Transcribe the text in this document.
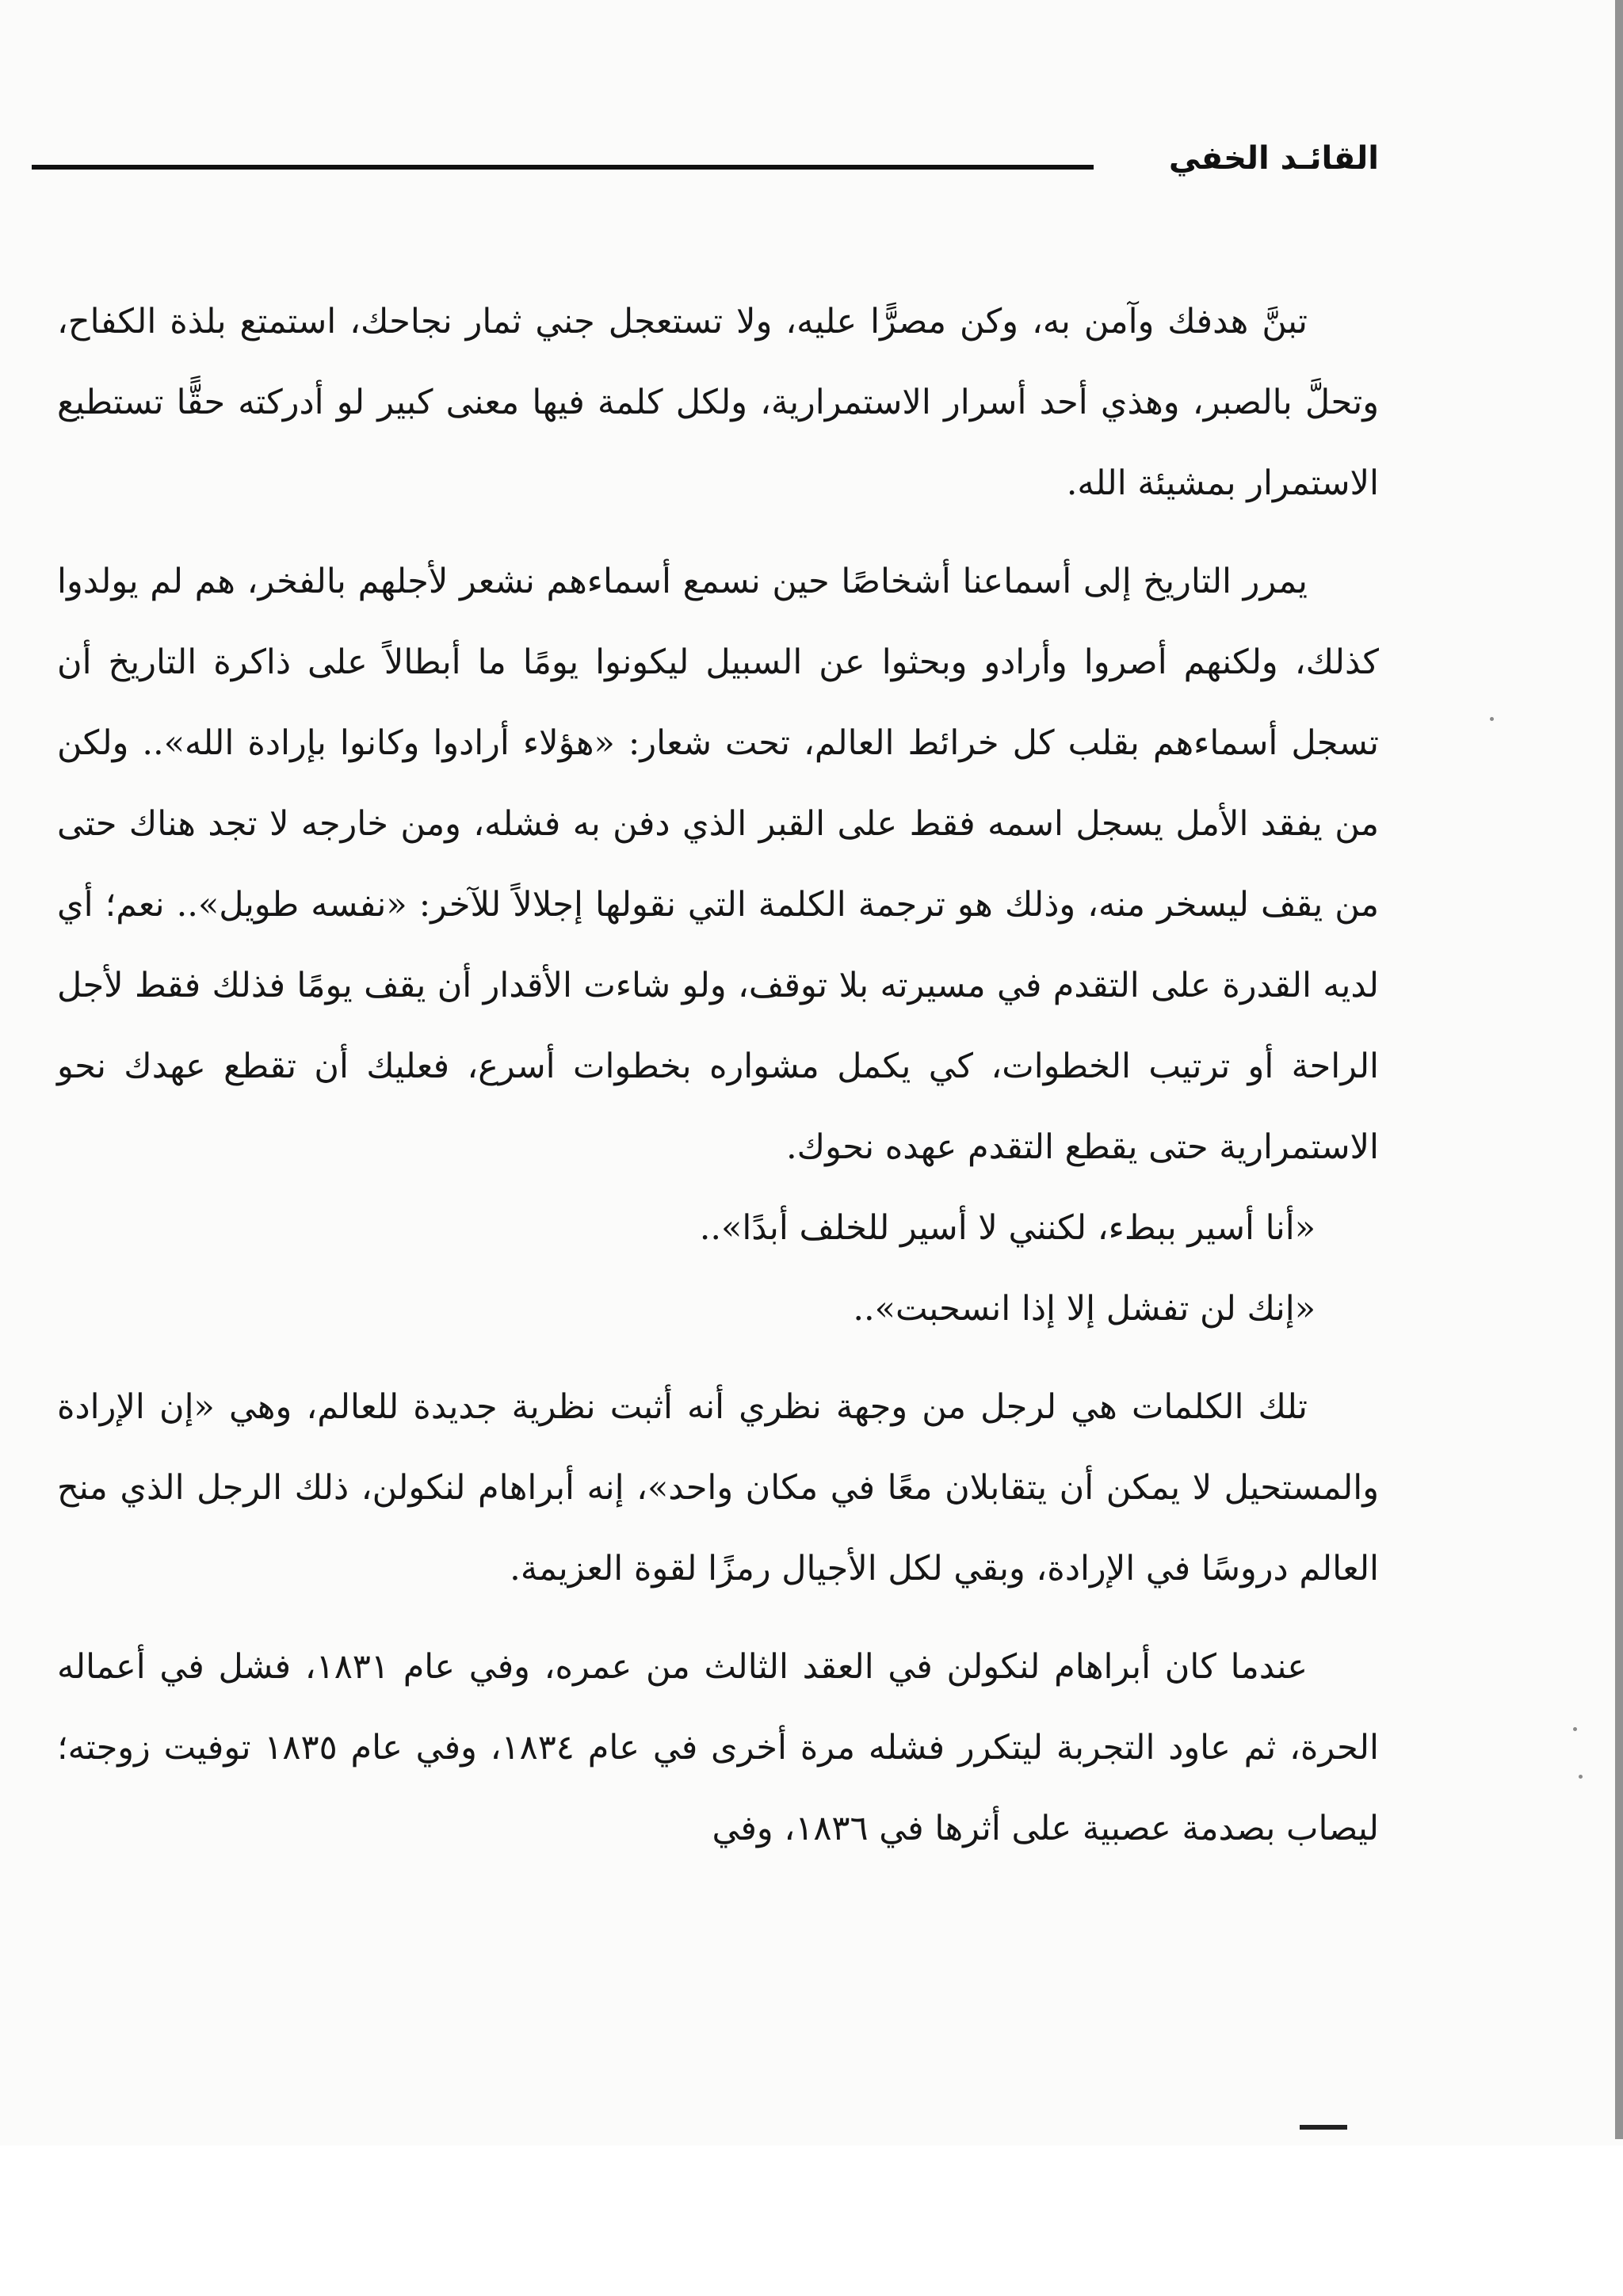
القائـد الخفي

تبنَّ هدفك وآمن به، وكن مصرًّا عليه، ولا تستعجل جني ثمار نجاحك، استمتع بلذة الكفاح، وتحلَّ بالصبر، وهذي أحد أسرار الاستمرارية، ولكل كلمة فيها معنى كبير لو أدركته حقًّا تستطيع الاستمرار بمشيئة الله.

يمرر التاريخ إلى أسماعنا أشخاصًا حين نسمع أسماءهم نشعر لأجلهم بالفخر، هم لم يولدوا كذلك، ولكنهم أصروا وأرادو وبحثوا عن السبيل ليكونوا يومًا ما أبطالاً على ذاكرة التاريخ أن تسجل أسماءهم بقلب كل خرائط العالم، تحت شعار: «هؤلاء أرادوا وكانوا بإرادة الله».. ولكن من يفقد الأمل يسجل اسمه فقط على القبر الذي دفن به فشله، ومن خارجه لا تجد هناك حتى من يقف ليسخر منه، وذلك هو ترجمة الكلمة التي نقولها إجلالاً للآخر: «نفسه طويل».. نعم؛ أي لديه القدرة على التقدم في مسيرته بلا توقف، ولو شاءت الأقدار أن يقف يومًا فذلك فقط لأجل الراحة أو ترتيب الخطوات، كي يكمل مشواره بخطوات أسرع، فعليك أن تقطع عهدك نحو الاستمرارية حتى يقطع التقدم عهده نحوك.

«أنا أسير ببطء، لكنني لا أسير للخلف أبدًا»..

«إنك لن تفشل إلا إذا انسحبت»..

تلك الكلمات هي لرجل من وجهة نظري أنه أثبت نظرية جديدة للعالم، وهي «إن الإرادة والمستحيل لا يمكن أن يتقابلان معًا في مكان واحد»، إنه أبراهام لنكولن، ذلك الرجل الذي منح العالم دروسًا في الإرادة، وبقي لكل الأجيال رمزًا لقوة العزيمة.

عندما كان أبراهام لنكولن في العقد الثالث من عمره، وفي عام ١٨٣١، فشل في أعماله الحرة، ثم عاود التجربة ليتكرر فشله مرة أخرى في عام ١٨٣٤، وفي عام ١٨٣٥ توفيت زوجته؛ ليصاب بصدمة عصبية على أثرها في ١٨٣٦، وفي
